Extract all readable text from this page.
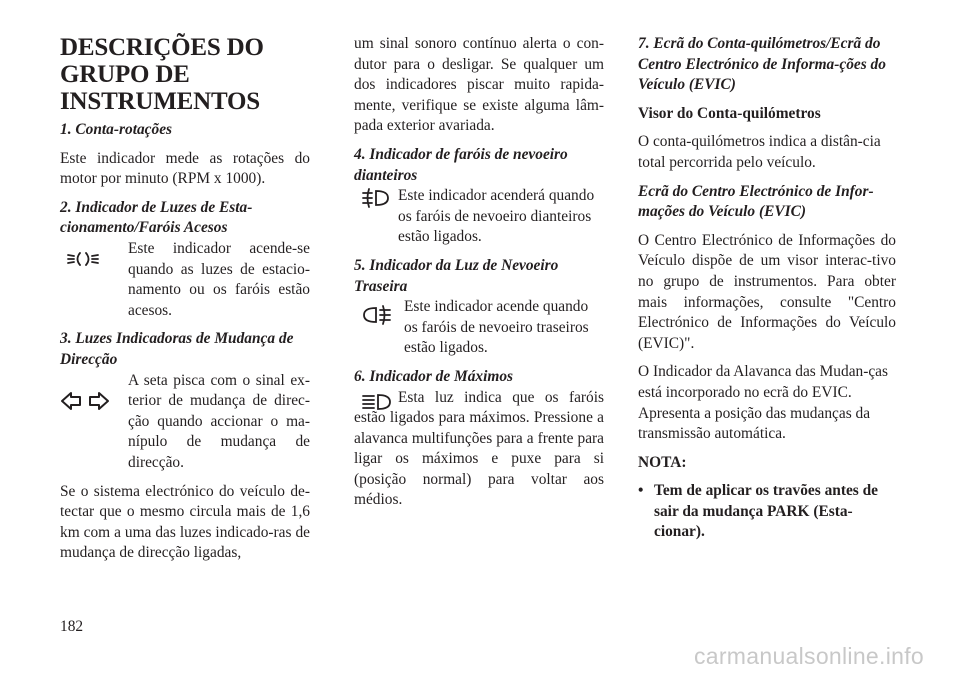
DESCRIÇÕES DO GRUPO DE INSTRUMENTOS

1. Conta-rotações

Este indicador mede as rotações do motor por minuto (RPM x 1000).

2. Indicador de Luzes de Esta-cionamento/Faróis Acesos

Este indicador acende-se quando as luzes de estacio-namento ou os faróis estão acesos.

3. Luzes Indicadoras de Mudança de Direcção

A seta pisca com o sinal ex-terior de mudança de direc-ção quando accionar o ma-nípulo de mudança de direcção.

Se o sistema electrónico do veículo de-tectar que o mesmo circula mais de 1,6 km com a uma das luzes indicado-ras de mudança de direcção ligadas,

um sinal sonoro contínuo alerta o con-dutor para o desligar. Se qualquer um dos indicadores piscar muito rapida-mente, verifique se existe alguma lâm-pada exterior avariada.

4. Indicador de faróis de nevoeiro dianteiros

Este indicador acenderá quando os faróis de nevoeiro dianteiros estão ligados.

5. Indicador da Luz de Nevoeiro Traseira

Este indicador acende quando os faróis de nevoeiro traseiros estão ligados.

6. Indicador de Máximos

Esta luz indica que os faróis estão ligados para máximos. Pressione a alavanca multifunções para a frente para ligar os máximos e puxe para si (posição normal) para voltar aos médios.

7. Ecrã do Conta-quilómetros/Ecrã do Centro Electrónico de Informa-ções do Veículo (EVIC)

Visor do Conta-quilómetros

O conta-quilómetros indica a distân-cia total percorrida pelo veículo.

Ecrã do Centro Electrónico de Infor-mações do Veículo (EVIC)

O Centro Electrónico de Informações do Veículo dispõe de um visor interac-tivo no grupo de instrumentos. Para obter mais informações, consulte "Centro Electrónico de Informações do Veículo (EVIC)".

O Indicador da Alavanca das Mudan-ças está incorporado no ecrã do EVIC. Apresenta a posição das mudanças da transmissão automática.

NOTA:

• Tem de aplicar os travões antes de sair da mudança PARK (Esta-cionar).
182
carmanualsonline.info
